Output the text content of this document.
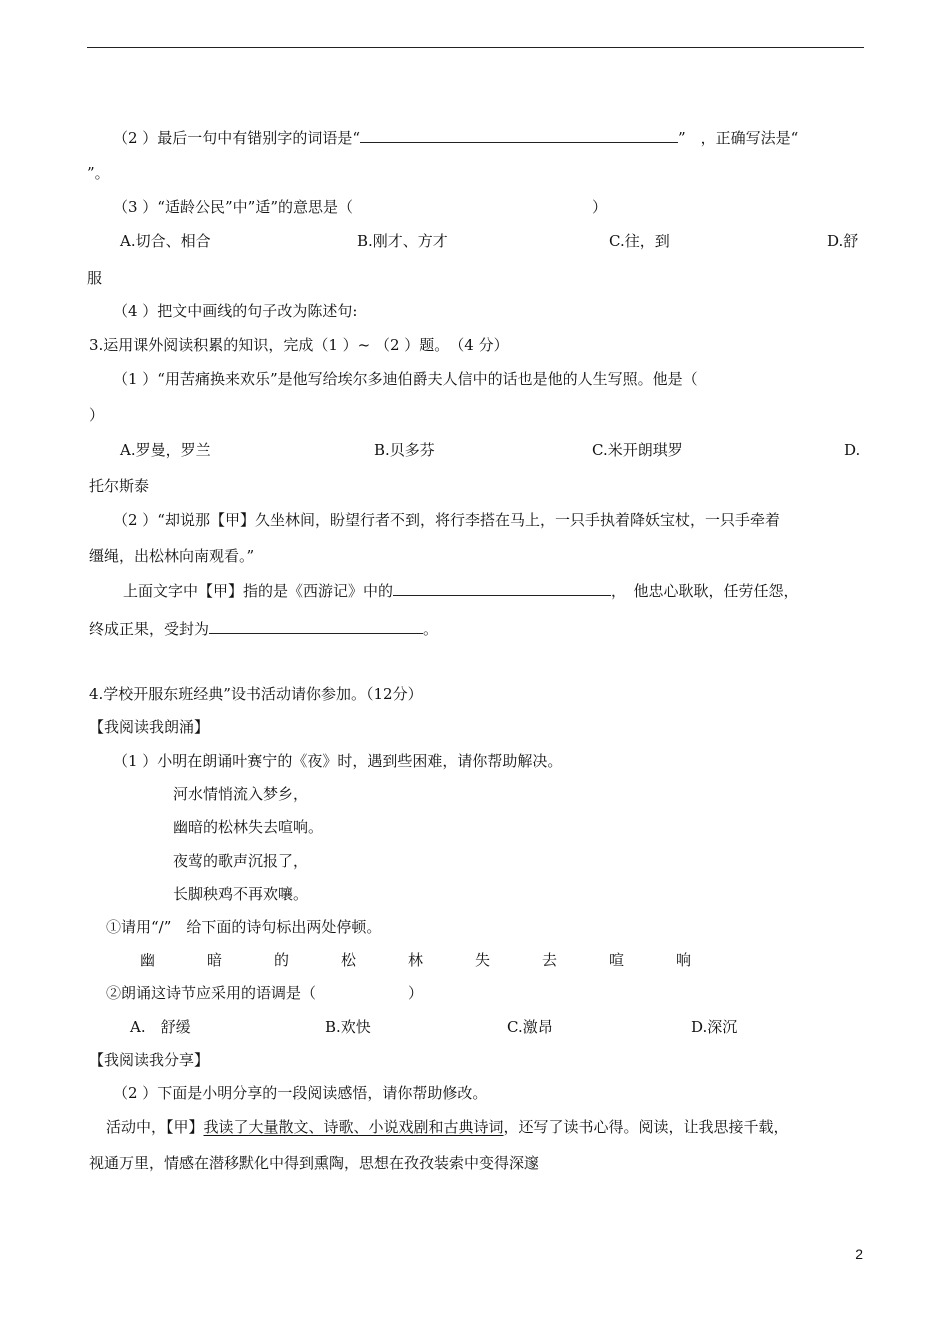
（2 ）最后一句中有错别字的词语是“	”　，正确写法是“
”。
（3 ）“适龄公民”中”适”的意思是（	）
A.切合、相合	B.刚才、方才	C.往，到	D.舒
服
（4 ）把文中画线的句子改为陈述句:
3.运用课外阅读积累的知识，完成（1 ）~ （2 ）题。　（4 分）
（1 ）“用苦痛换来欢乐”是他写给埃尔多迪伯爵夫人信中的话也是他的人生写照。他是（
）
A.罗曼，罗兰	B.贝多芬	C.米开朗琪罗	D.
托尔斯泰
（2 ）“却说那【甲】久坐林间，盼望行者不到，将行李搭在马上，一只手执着降妖宝杖，一只手牵着
缰绳，出松林向南观看。”
上面文字中【甲】指的是《西游记》中的	，　他忠心耿耿，任劳任怨，
终成正果，受封为	。
4.学校开服东班经典”设书活动请你参加。（12分）
【我阅读我朗涌】
（1 ）小明在朗诵叶赛宁的《夜》时，遇到些困难，请你帮助解决。
河水情悄流入梦乡，
幽暗的松林失去喧响。
夜莺的歌声沉报了，
长脚秧鸡不再欢嚷。
①请用“/”　给下面的诗句标出两处停顿。
幽	暗	的	松	林	失	去	喧	响
②朗诵这诗节应采用的语调是（	）
A.　舒缓	B.欢快	C.激昂	D.深沉
【我阅读我分享】
（2 ）下面是小明分享的一段阅读感悟，请你帮助修改。
活动中，【甲】我读了大量散文、诗歌、小说戏剧和古典诗词，还写了读书心得。阅读，让我思接千载，
视通万里，情感在潜移默化中得到熏陶，思想在孜孜装索中变得深邃
2
